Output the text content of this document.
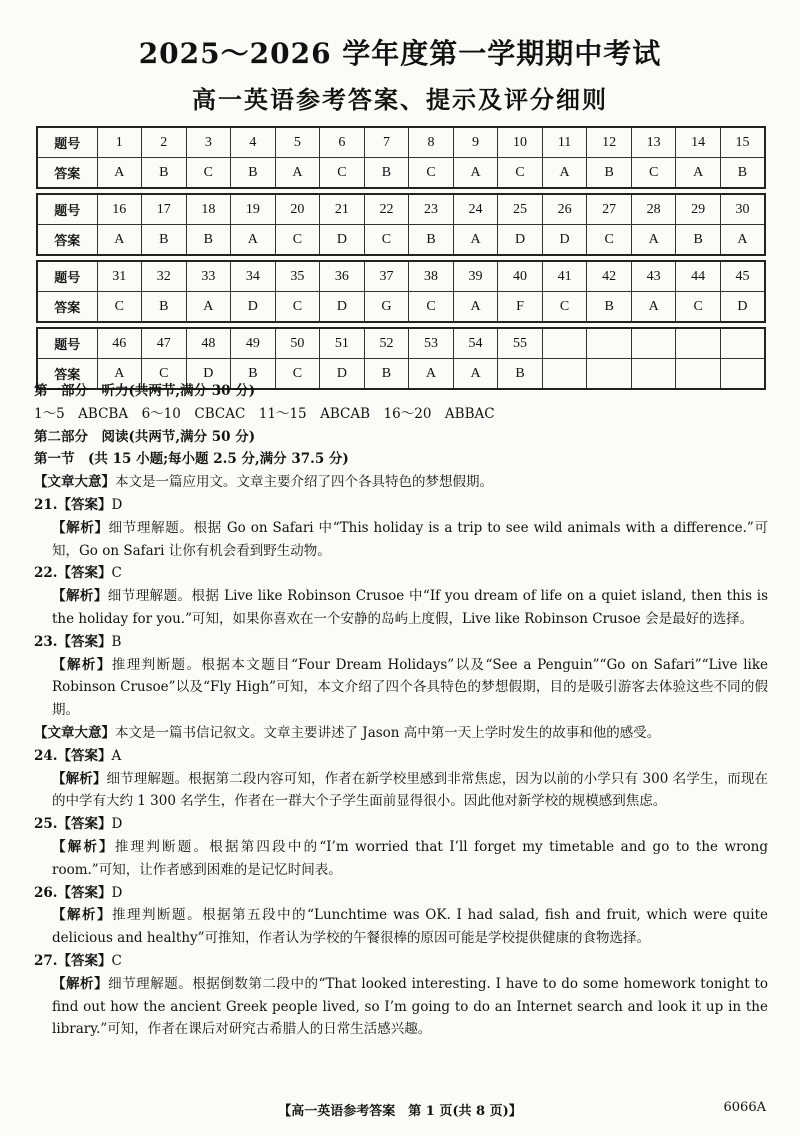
2025～2026 学年度第一学期期中考试
高一英语参考答案、提示及评分细则
题号	1	2	3	4	5	6	7	8	9	10	11	12	13	14	15
答案	A	B	C	B	A	C	B	C	A	C	A	B	C	A	B
题号	16	17	18	19	20	21	22	23	24	25	26	27	28	29	30
答案	A	B	B	A	C	D	C	B	A	D	D	C	A	B	A
题号	31	32	33	34	35	36	37	38	39	40	41	42	43	44	45
答案	C	B	A	D	C	D	G	C	A	F	C	B	A	C	D
题号	46	47	48	49	50	51	52	53	54	55					
答案	A	C	D	B	C	D	B	A	A	B					

第一部分　听力(共两节,满分 30 分)

1～5　ABCBA　6～10　CBCAC　11～15　ABCAB　16～20　ABBAC

第二部分　阅读(共两节,满分 50 分)

第一节　(共 15 小题;每小题 2.5 分,满分 37.5 分)

【文章大意】本文是一篇应用文。文章主要介绍了四个各具特色的梦想假期。

21.【答案】D

【解析】细节理解题。根据 Go on Safari 中“This holiday is a trip to see wild animals with a difference.”可知，Go on Safari 让你有机会看到野生动物。

22.【答案】C

【解析】细节理解题。根据 Live like Robinson Crusoe 中“If you dream of life on a quiet island, then this is the holiday for you.”可知，如果你喜欢在一个安静的岛屿上度假，Live like Robinson Crusoe 会是最好的选择。

23.【答案】B

【解析】推理判断题。根据本文题目“Four Dream Holidays”以及“See a Penguin”“Go on Safari”“Live like Robinson Crusoe”以及“Fly High”可知，本文介绍了四个各具特色的梦想假期，目的是吸引游客去体验这些不同的假期。

【文章大意】本文是一篇书信记叙文。文章主要讲述了 Jason 高中第一天上学时发生的故事和他的感受。

24.【答案】A

【解析】细节理解题。根据第二段内容可知，作者在新学校里感到非常焦虑，因为以前的小学只有 300 名学生，而现在的中学有大约 1 300 名学生，作者在一群大个子学生面前显得很小。因此他对新学校的规模感到焦虑。

25.【答案】D

【解析】推理判断题。根据第四段中的“I’m worried that I’ll forget my timetable and go to the wrong room.”可知，让作者感到困难的是记忆时间表。

26.【答案】D

【解析】推理判断题。根据第五段中的“Lunchtime was OK. I had salad, fish and fruit, which were quite delicious and healthy”可推知，作者认为学校的午餐很棒的原因可能是学校提供健康的食物选择。

27.【答案】C

【解析】细节理解题。根据倒数第二段中的“That looked interesting. I have to do some homework tonight to find out how the ancient Greek people lived, so I’m going to do an Internet search and look it up in the library.”可知，作者在课后对研究古希腊人的日常生活感兴趣。

【高一英语参考答案　第 1 页(共 8 页)】	6066A
